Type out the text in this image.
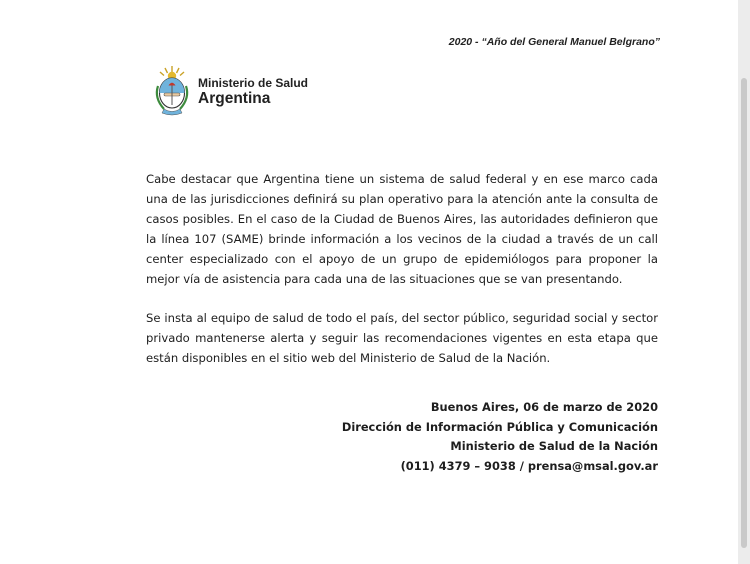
2020 - “Año del General Manuel Belgrano”
Ministerio de Salud
Argentina

Cabe destacar que Argentina tiene un sistema de salud federal y en ese marco cada una de las jurisdicciones definirá su plan operativo para la atención ante la consulta de casos posibles. En el caso de la Ciudad de Buenos Aires, las autoridades definieron que la línea 107 (SAME) brinde información a los vecinos de la ciudad a través de un call center especializado con el apoyo de un grupo de epidemiólogos para proponer la mejor vía de asistencia para cada una de las situaciones que se van presentando.

Se insta al equipo de salud de todo el país, del sector público, seguridad social y sector privado mantenerse alerta y seguir las recomendaciones vigentes en esta etapa que están disponibles en el sitio web del Ministerio de Salud de la Nación.

Buenos Aires, 06 de marzo de 2020
Dirección de Información Pública y Comunicación
Ministerio de Salud de la Nación
(011) 4379 – 9038 / prensa@msal.gov.ar
